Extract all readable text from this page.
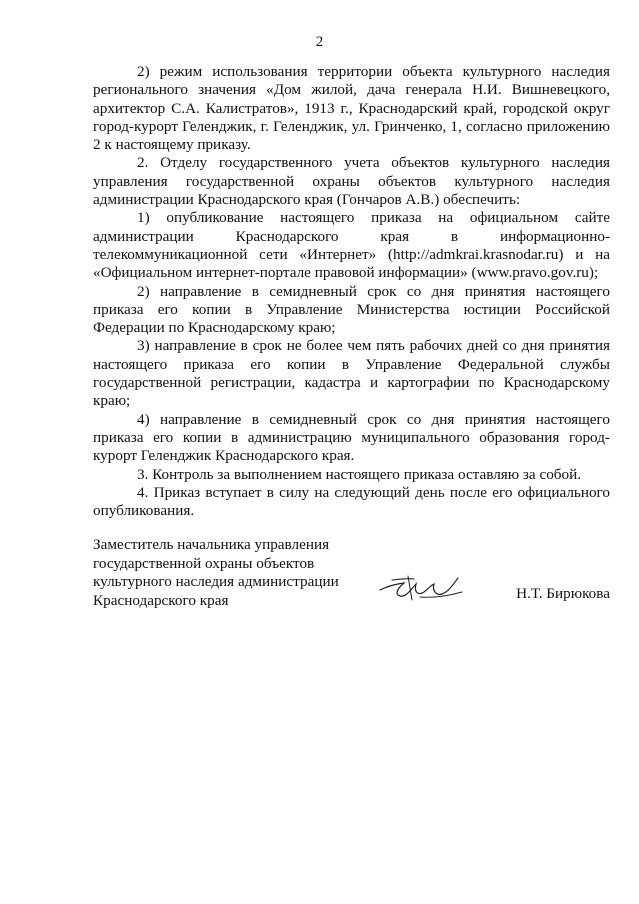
2

2) режим использования территории объекта культурного наследия регионального значения «Дом жилой, дача генерала Н.И. Вишневецкого, архитектор С.А. Калистратов», 1913 г., Краснодарский край, городской округ город-курорт Геленджик, г. Геленджик, ул. Гринченко, 1, согласно приложению 2 к настоящему приказу.

2. Отделу государственного учета объектов культурного наследия управления государственной охраны объектов культурного наследия администрации Краснодарского края (Гончаров А.В.) обеспечить:

1) опубликование настоящего приказа на официальном сайте администрации Краснодарского края в информационно-телекоммуникационной сети «Интернет» (http://admkrai.krasnodar.ru) и на «Официальном интернет-портале правовой информации» (www.pravo.gov.ru);

2) направление в семидневный срок со дня принятия настоящего приказа его копии в Управление Министерства юстиции Российской Федерации по Краснодарскому краю;

3) направление в срок не более чем пять рабочих дней со дня принятия настоящего приказа его копии в Управление Федеральной службы государственной регистрации, кадастра и картографии по Краснодарскому краю;

4) направление в семидневный срок со дня принятия настоящего приказа его копии в администрацию муниципального образования город-курорт Геленджик Краснодарского края.

3. Контроль за выполнением настоящего приказа оставляю за собой.

4. Приказ вступает в силу на следующий день после его официального опубликования.

Заместитель начальника управления
государственной охраны объектов
культурного наследия администрации
Краснодарского края	Н.Т. Бирюкова
